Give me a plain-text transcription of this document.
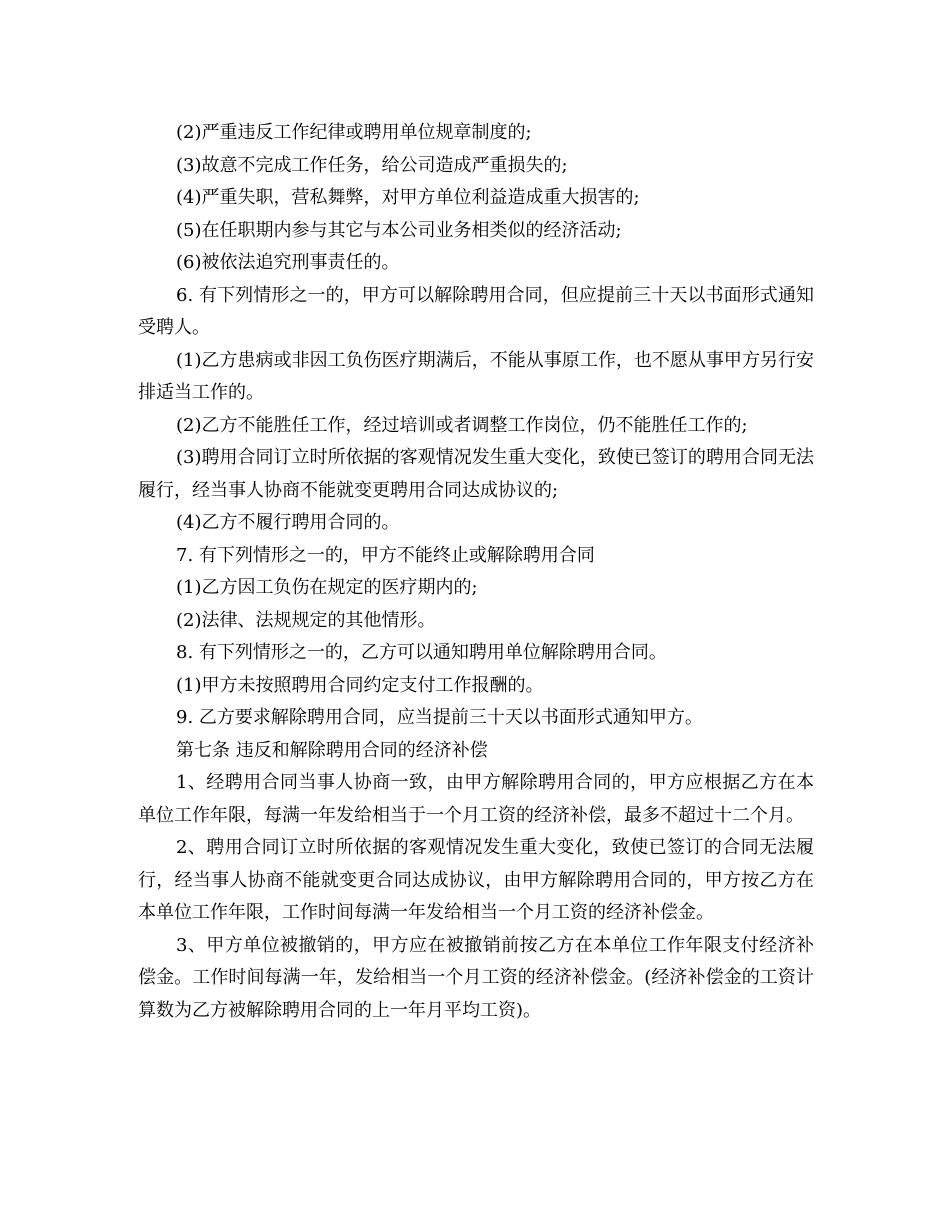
(2)严重违反工作纪律或聘用单位规章制度的;

(3)故意不完成工作任务，给公司造成严重损失的;

(4)严重失职，营私舞弊，对甲方单位利益造成重大损害的;

(5)在任职期内参与其它与本公司业务相类似的经济活动;

(6)被依法追究刑事责任的。

6. 有下列情形之一的，甲方可以解除聘用合同，但应提前三十天以书面形式通知受聘人。

(1)乙方患病或非因工负伤医疗期满后，不能从事原工作，也不愿从事甲方另行安排适当工作的。

(2)乙方不能胜任工作，经过培训或者调整工作岗位，仍不能胜任工作的;

(3)聘用合同订立时所依据的客观情况发生重大变化，致使已签订的聘用合同无法履行，经当事人协商不能就变更聘用合同达成协议的;

(4)乙方不履行聘用合同的。

7. 有下列情形之一的，甲方不能终止或解除聘用合同

(1)乙方因工负伤在规定的医疗期内的;

(2)法律、法规规定的其他情形。

8. 有下列情形之一的，乙方可以通知聘用单位解除聘用合同。

(1)甲方未按照聘用合同约定支付工作报酬的。

9. 乙方要求解除聘用合同，应当提前三十天以书面形式通知甲方。

第七条 违反和解除聘用合同的经济补偿

1、经聘用合同当事人协商一致，由甲方解除聘用合同的，甲方应根据乙方在本单位工作年限，每满一年发给相当于一个月工资的经济补偿，最多不超过十二个月。

2、聘用合同订立时所依据的客观情况发生重大变化，致使已签订的合同无法履行，经当事人协商不能就变更合同达成协议，由甲方解除聘用合同的，甲方按乙方在本单位工作年限，工作时间每满一年发给相当一个月工资的经济补偿金。

3、甲方单位被撤销的，甲方应在被撤销前按乙方在本单位工作年限支付经济补偿金。工作时间每满一年，发给相当一个月工资的经济补偿金。(经济补偿金的工资计算数为乙方被解除聘用合同的上一年月平均工资)。
